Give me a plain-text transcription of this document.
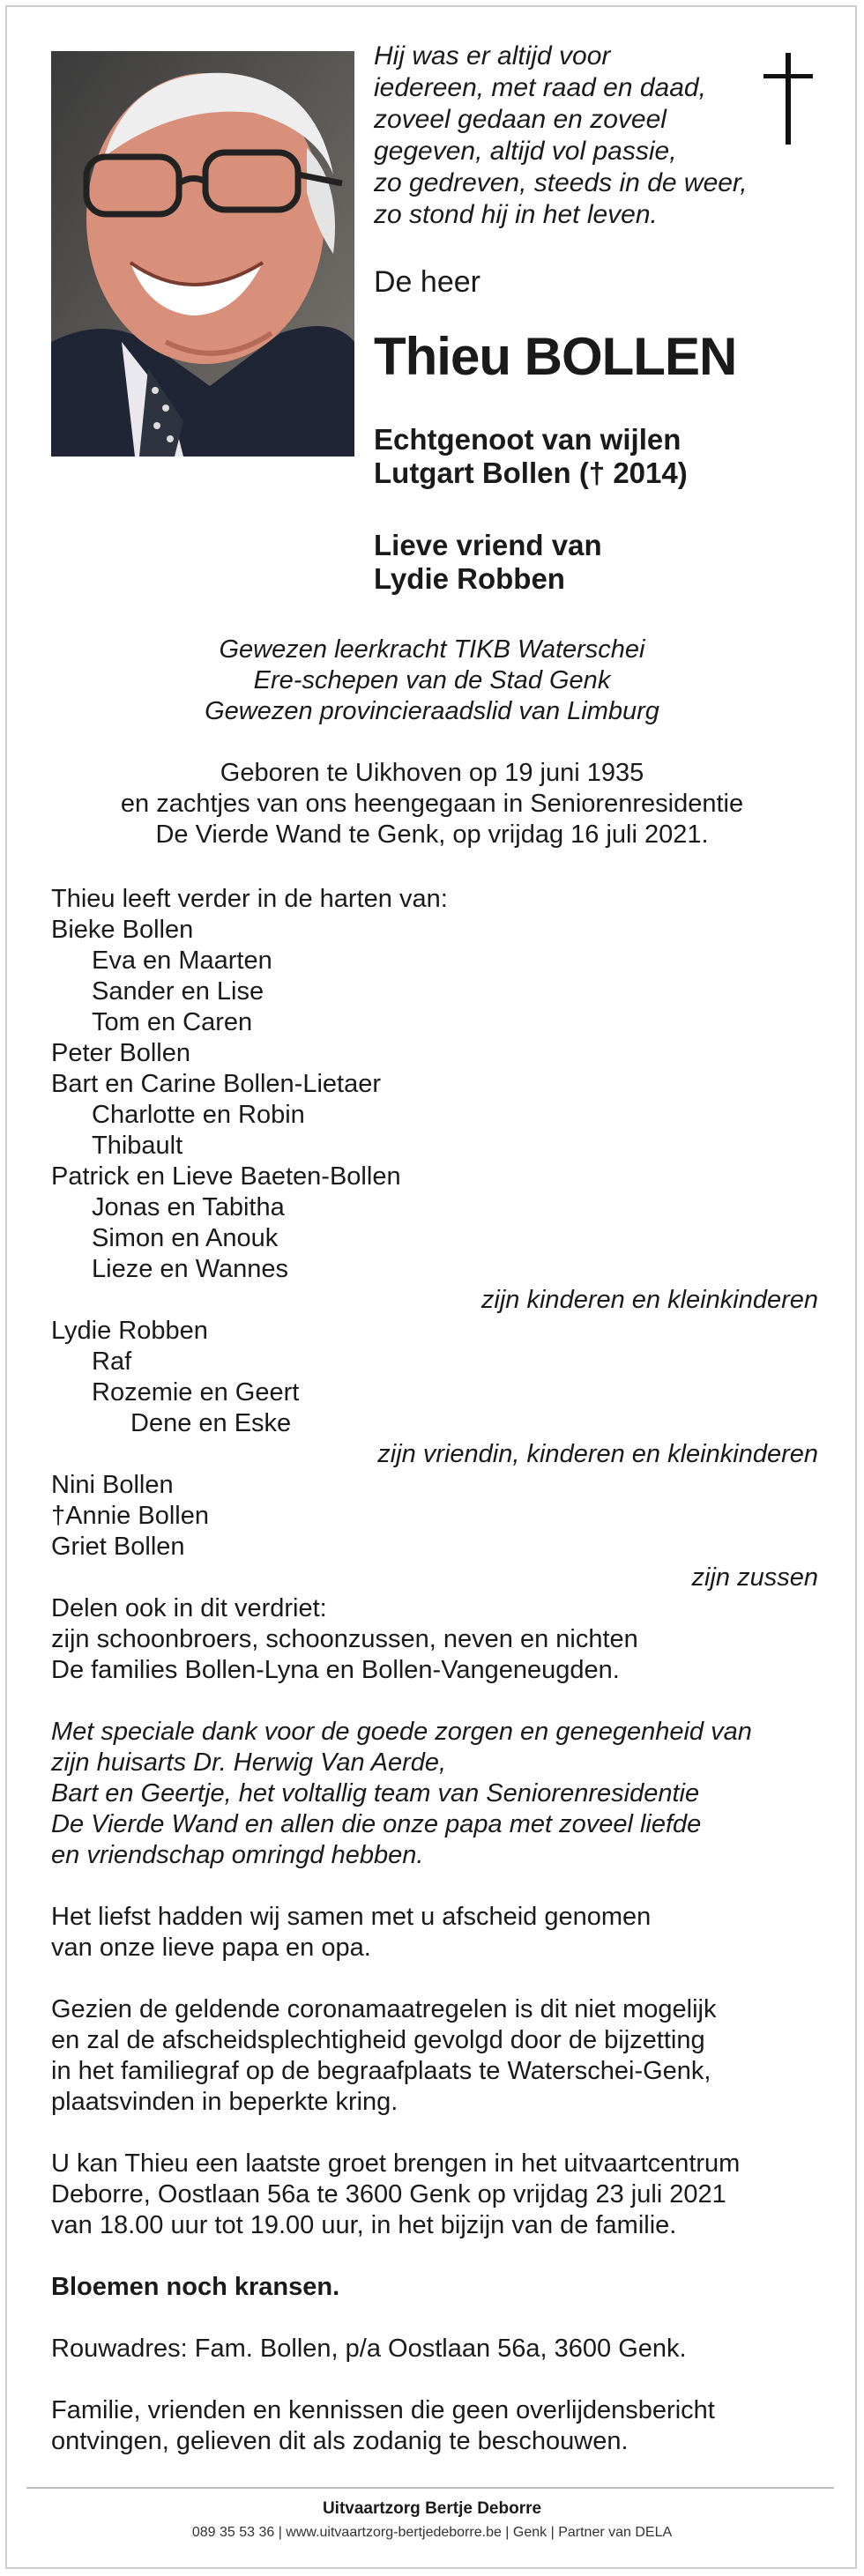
Hij was er altijd voor
iedereen, met raad en daad,
zoveel gedaan en zoveel
gegeven, altijd vol passie,
zo gedreven, steeds in de weer,
zo stond hij in het leven.
De heer
Thieu BOLLEN
Echtgenoot van wijlen
Lutgart Bollen († 2014)
Lieve vriend van
Lydie Robben
Gewezen leerkracht TIKB Waterschei
Ere-schepen van de Stad Genk
Gewezen provincieraadslid van Limburg
Geboren te Uikhoven op 19 juni 1935
en zachtjes van ons heengegaan in Seniorenresidentie
De Vierde Wand te Genk, op vrijdag 16 juli 2021.
Thieu leeft verder in de harten van:
Bieke Bollen
Eva en Maarten
Sander en Lise
Tom en Caren
Peter Bollen
Bart en Carine Bollen-Lietaer
Charlotte en Robin
Thibault
Patrick en Lieve Baeten-Bollen
Jonas en Tabitha
Simon en Anouk
Lieze en Wannes
zijn kinderen en kleinkinderen
Lydie Robben
Raf
Rozemie en Geert
Dene en Eske
zijn vriendin, kinderen en kleinkinderen
Nini Bollen
†Annie Bollen
Griet Bollen
zijn zussen
Delen ook in dit verdriet:
zijn schoonbroers, schoonzussen, neven en nichten
De families Bollen-Lyna en Bollen-Vangeneugden.
Met speciale dank voor de goede zorgen en genegenheid van
zijn huisarts Dr. Herwig Van Aerde,
Bart en Geertje, het voltallig team van Seniorenresidentie
De Vierde Wand en allen die onze papa met zoveel liefde
en vriendschap omringd hebben.
Het liefst hadden wij samen met u afscheid genomen
van onze lieve papa en opa.
Gezien de geldende coronamaatregelen is dit niet mogelijk
en zal de afscheidsplechtigheid gevolgd door de bijzetting
in het familiegraf op de begraafplaats te Waterschei-Genk,
plaatsvinden in beperkte kring.
U kan Thieu een laatste groet brengen in het uitvaartcentrum
Deborre, Oostlaan 56a te 3600 Genk op vrijdag 23 juli 2021
van 18.00 uur tot 19.00 uur, in het bijzijn van de familie.
Bloemen noch kransen.
Rouwadres: Fam. Bollen, p/a Oostlaan 56a, 3600 Genk.
Familie, vrienden en kennissen die geen overlijdensbericht
ontvingen, gelieven dit als zodanig te beschouwen.
Uitvaartzorg Bertje Deborre
089 35 53 36 | www.uitvaartzorg-bertjedeborre.be | Genk | Partner van DELA
